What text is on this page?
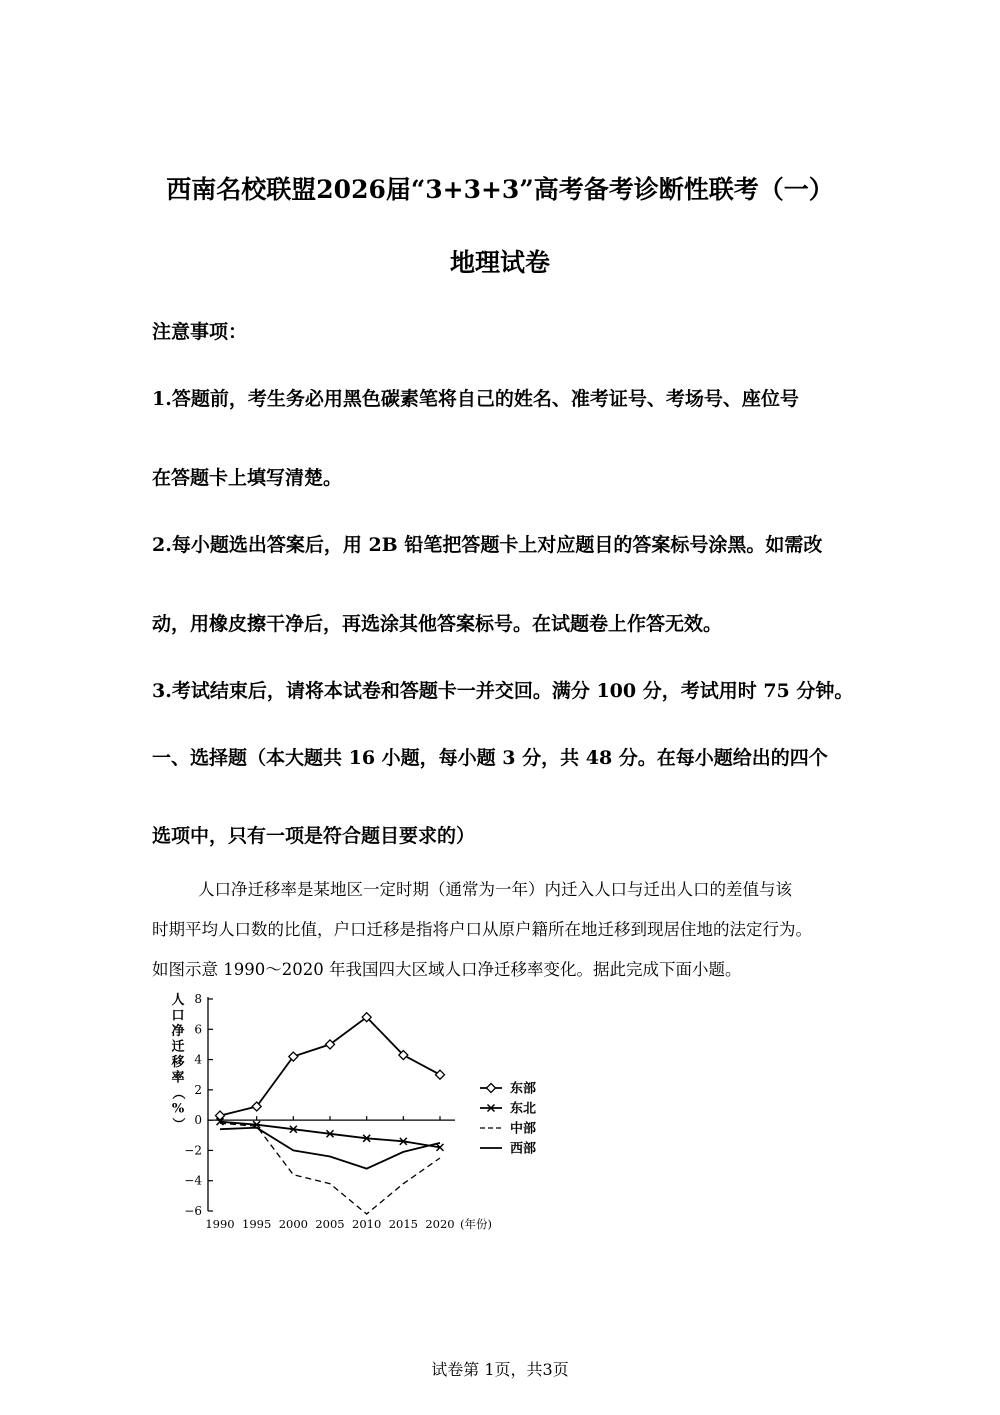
西南名校联盟2026届“3+3+3”高考备考诊断性联考（一）
地理试卷
注意事项：
1.答题前，考生务必用黑色碳素笔将自己的姓名、准考证号、考场号、座位号
在答题卡上填写清楚。
2.每小题选出答案后，用 2B 铅笔把答题卡上对应题目的答案标号涂黑。如需改
动，用橡皮擦干净后，再选涂其他答案标号。在试题卷上作答无效。
3.考试结束后，请将本试卷和答题卡一并交回。满分 100 分，考试用时 75 分钟。
一、选择题（本大题共 16 小题，每小题 3 分，共 48 分。在每小题给出的四个
选项中，只有一项是符合题目要求的）
人口净迁移率是某地区一定时期（通常为一年）内迁入人口与迁出人口的差值与该
时期平均人口数的比值，户口迁移是指将户口从原户籍所在地迁移到现居住地的法定行为。
如图示意 1990～2020 年我国四大区域人口净迁移率变化。据此完成下面小题。
人
口
净
迁
移
率
（
%
）
8
6
4
2
0
−2
−4
−6
1990 1995 2000 2005 2010 2015 2020 (年份)
东部
东北
中部
西部
试卷第 1页，共3页
